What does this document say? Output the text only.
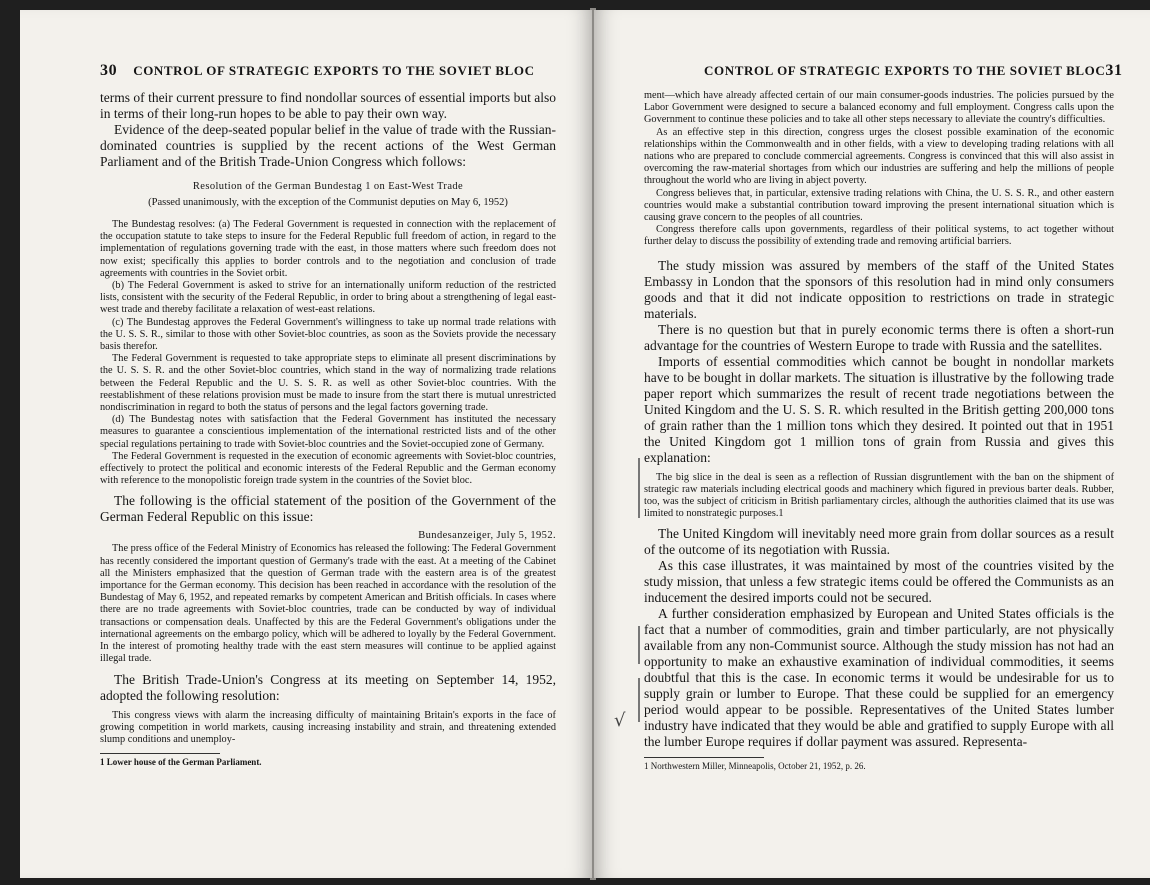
30 CONTROL OF STRATEGIC EXPORTS TO THE SOVIET BLOC

terms of their current pressure to find nondollar sources of essential imports but also in terms of their long-run hopes to be able to pay their own way.

Evidence of the deep-seated popular belief in the value of trade with the Russian-dominated countries is supplied by the recent actions of the West German Parliament and of the British Trade-Union Congress which follows:

Resolution of the German Bundestag 1 on East-West Trade

(Passed unanimously, with the exception of the Communist deputies on May 6, 1952)

The Bundestag resolves: (a) The Federal Government is requested in connection with the replacement of the occupation statute to take steps to insure for the Federal Republic full freedom of action, in regard to the implementation of regulations governing trade with the east, in those matters where such freedom does not now exist; specifically this applies to border controls and to the negotiation and conclusion of trade agreements with countries in the Soviet orbit.

(b) The Federal Government is asked to strive for an internationally uniform reduction of the restricted lists, consistent with the security of the Federal Republic, in order to bring about a strengthening of legal east-west trade and thereby facilitate a relaxation of west-east relations.

(c) The Bundestag approves the Federal Government's willingness to take up normal trade relations with the U. S. S. R., similar to those with other Soviet-bloc countries, as soon as the Soviets provide the necessary basis therefor.

The Federal Government is requested to take appropriate steps to eliminate all present discriminations by the U. S. S. R. and the other Soviet-bloc countries, which stand in the way of normalizing trade relations between the Federal Republic and the U. S. S. R. as well as other Soviet-bloc countries. With the reestablishment of these relations provision must be made to insure from the start there is mutual unrestricted nondiscrimination in regard to both the status of persons and the legal factors governing trade.

(d) The Bundestag notes with satisfaction that the Federal Government has instituted the necessary measures to guarantee a conscientious implementation of the international restricted lists and of the other special regulations pertaining to trade with Soviet-bloc countries and the Soviet-occupied zone of Germany.

The Federal Government is requested in the execution of economic agreements with Soviet-bloc countries, effectively to protect the political and economic interests of the Federal Republic and the German economy with reference to the monopolistic foreign trade system in the countries of the Soviet bloc.

The following is the official statement of the position of the Government of the German Federal Republic on this issue:

Bundesanzeiger, July 5, 1952.

The press office of the Federal Ministry of Economics has released the following: The Federal Government has recently considered the important question of Germany's trade with the east. At a meeting of the Cabinet all the Ministers emphasized that the question of German trade with the eastern area is of the greatest importance for the German economy. This decision has been reached in accordance with the resolution of the Bundestag of May 6, 1952, and repeated remarks by competent American and British officials. In cases where there are no trade agreements with Soviet-bloc countries, trade can be conducted by way of individual transactions or compensation deals. Unaffected by this are the Federal Government's obligations under the international agreements on the embargo policy, which will be adhered to loyally by the Federal Government. In the interest of promoting healthy trade with the east stern measures will continue to be applied against illegal trade.

The British Trade-Union's Congress at its meeting on September 14, 1952, adopted the following resolution:

This congress views with alarm the increasing difficulty of maintaining Britain's exports in the face of growing competition in world markets, causing increasing instability and strain, and threatening extended slump conditions and unemploy-

1 Lower house of the German Parliament.

√
CONTROL OF STRATEGIC EXPORTS TO THE SOVIET BLOC 31

ment—which have already affected certain of our main consumer-goods industries. The policies pursued by the Labor Government were designed to secure a balanced economy and full employment. Congress calls upon the Government to continue these policies and to take all other steps necessary to alleviate the country's difficulties.

As an effective step in this direction, congress urges the closest possible examination of the economic relationships within the Commonwealth and in other fields, with a view to developing trading relations with all nations who are prepared to conclude commercial agreements. Congress is convinced that this will also assist in overcoming the raw-material shortages from which our industries are suffering and help the millions of people throughout the world who are living in abject poverty.

Congress believes that, in particular, extensive trading relations with China, the U. S. S. R., and other eastern countries would make a substantial contribution toward improving the present international situation which is causing grave concern to the peoples of all countries.

Congress therefore calls upon governments, regardless of their political systems, to act together without further delay to discuss the possibility of extending trade and removing artificial barriers.

The study mission was assured by members of the staff of the United States Embassy in London that the sponsors of this resolution had in mind only consumers goods and that it did not indicate opposition to restrictions on trade in strategic materials.

There is no question but that in purely economic terms there is often a short-run advantage for the countries of Western Europe to trade with Russia and the satellites.

Imports of essential commodities which cannot be bought in nondollar markets have to be bought in dollar markets. The situation is illustrative by the following trade paper report which summarizes the result of recent trade negotiations between the United Kingdom and the U. S. S. R. which resulted in the British getting 200,000 tons of grain rather than the 1 million tons which they desired. It pointed out that in 1951 the United Kingdom got 1 million tons of grain from Russia and gives this explanation:

The big slice in the deal is seen as a reflection of Russian disgruntlement with the ban on the shipment of strategic raw materials including electrical goods and machinery which figured in previous barter deals. Rubber, too, was the subject of criticism in British parliamentary circles, although the authorities claimed that its use was limited to nonstrategic purposes.1

The United Kingdom will inevitably need more grain from dollar sources as a result of the outcome of its negotiation with Russia.

As this case illustrates, it was maintained by most of the countries visited by the study mission, that unless a few strategic items could be offered the Communists as an inducement the desired imports could not be secured.

A further consideration emphasized by European and United States officials is the fact that a number of commodities, grain and timber particularly, are not physically available from any non-Communist source. Although the study mission has not had an opportunity to make an exhaustive examination of individual commodities, it seems doubtful that this is the case. In economic terms it would be undesirable for us to supply grain or lumber to Europe. That these could be supplied for an emergency period would appear to be possible. Representatives of the United States lumber industry have indicated that they would be able and gratified to supply Europe with all the lumber Europe requires if dollar payment was assured. Representa-

1 Northwestern Miller, Minneapolis, October 21, 1952, p. 26.
